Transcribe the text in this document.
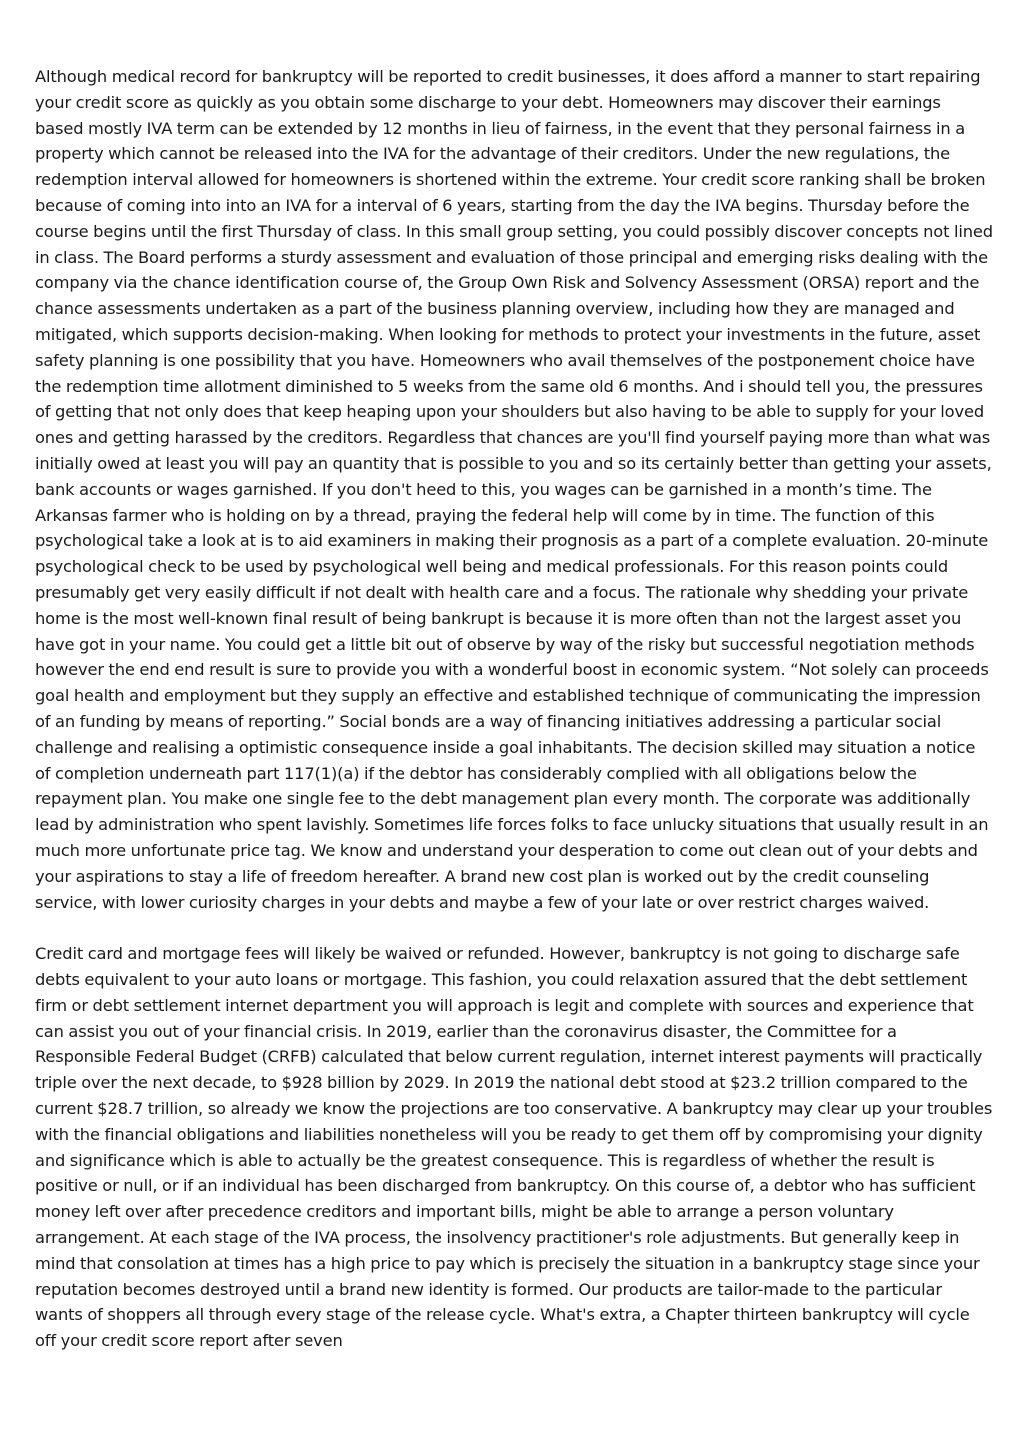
Although medical record for bankruptcy will be reported to credit businesses, it does afford a manner to start repairing your credit score as quickly as you obtain some discharge to your debt. Homeowners may discover their earnings based mostly IVA term can be extended by 12 months in lieu of fairness, in the event that they personal fairness in a property which cannot be released into the IVA for the advantage of their creditors. Under the new regulations, the redemption interval allowed for homeowners is shortened within the extreme. Your credit score ranking shall be broken because of coming into into an IVA for a interval of 6 years, starting from the day the IVA begins. Thursday before the course begins until the first Thursday of class. In this small group setting, you could possibly discover concepts not lined in class. The Board performs a sturdy assessment and evaluation of those principal and emerging risks dealing with the company via the chance identification course of, the Group Own Risk and Solvency Assessment (ORSA) report and the chance assessments undertaken as a part of the business planning overview, including how they are managed and mitigated, which supports decision-making. When looking for methods to protect your investments in the future, asset safety planning is one possibility that you have. Homeowners who avail themselves of the postponement choice have the redemption time allotment diminished to 5 weeks from the same old 6 months. And i should tell you, the pressures of getting that not only does that keep heaping upon your shoulders but also having to be able to supply for your loved ones and getting harassed by the creditors. Regardless that chances are you'll find yourself paying more than what was initially owed at least you will pay an quantity that is possible to you and so its certainly better than getting your assets, bank accounts or wages garnished. If you don't heed to this, you wages can be garnished in a month’s time. The Arkansas farmer who is holding on by a thread, praying the federal help will come by in time. The function of this psychological take a look at is to aid examiners in making their prognosis as a part of a complete evaluation. 20-minute psychological check to be used by psychological well being and medical professionals. For this reason points could presumably get very easily difficult if not dealt with health care and a focus. The rationale why shedding your private home is the most well-known final result of being bankrupt is because it is more often than not the largest asset you have got in your name. You could get a little bit out of observe by way of the risky but successful negotiation methods however the end end result is sure to provide you with a wonderful boost in economic system. “Not solely can proceeds goal health and employment but they supply an effective and established technique of communicating the impression of an funding by means of reporting.” Social bonds are a way of financing initiatives addressing a particular social challenge and realising a optimistic consequence inside a goal inhabitants. The decision skilled may situation a notice of completion underneath part 117(1)(a) if the debtor has considerably complied with all obligations below the repayment plan. You make one single fee to the debt management plan every month. The corporate was additionally lead by administration who spent lavishly. Sometimes life forces folks to face unlucky situations that usually result in an much more unfortunate price tag. We know and understand your desperation to come out clean out of your debts and your aspirations to stay a life of freedom hereafter. A brand new cost plan is worked out by the credit counseling service, with lower curiosity charges in your debts and maybe a few of your late or over restrict charges waived.

Credit card and mortgage fees will likely be waived or refunded. However, bankruptcy is not going to discharge safe debts equivalent to your auto loans or mortgage. This fashion, you could relaxation assured that the debt settlement firm or debt settlement internet department you will approach is legit and complete with sources and experience that can assist you out of your financial crisis. In 2019, earlier than the coronavirus disaster, the Committee for a Responsible Federal Budget (CRFB) calculated that below current regulation, internet interest payments will practically triple over the next decade, to $928 billion by 2029. In 2019 the national debt stood at $23.2 trillion compared to the current $28.7 trillion, so already we know the projections are too conservative. A bankruptcy may clear up your troubles with the financial obligations and liabilities nonetheless will you be ready to get them off by compromising your dignity and significance which is able to actually be the greatest consequence. This is regardless of whether the result is positive or null, or if an individual has been discharged from bankruptcy. On this course of, a debtor who has sufficient money left over after precedence creditors and important bills, might be able to arrange a person voluntary arrangement. At each stage of the IVA process, the insolvency practitioner's role adjustments. But generally keep in mind that consolation at times has a high price to pay which is precisely the situation in a bankruptcy stage since your reputation becomes destroyed until a brand new identity is formed. Our products are tailor-made to the particular wants of shoppers all through every stage of the release cycle. What's extra, a Chapter thirteen bankruptcy will cycle off your credit score report after seven
